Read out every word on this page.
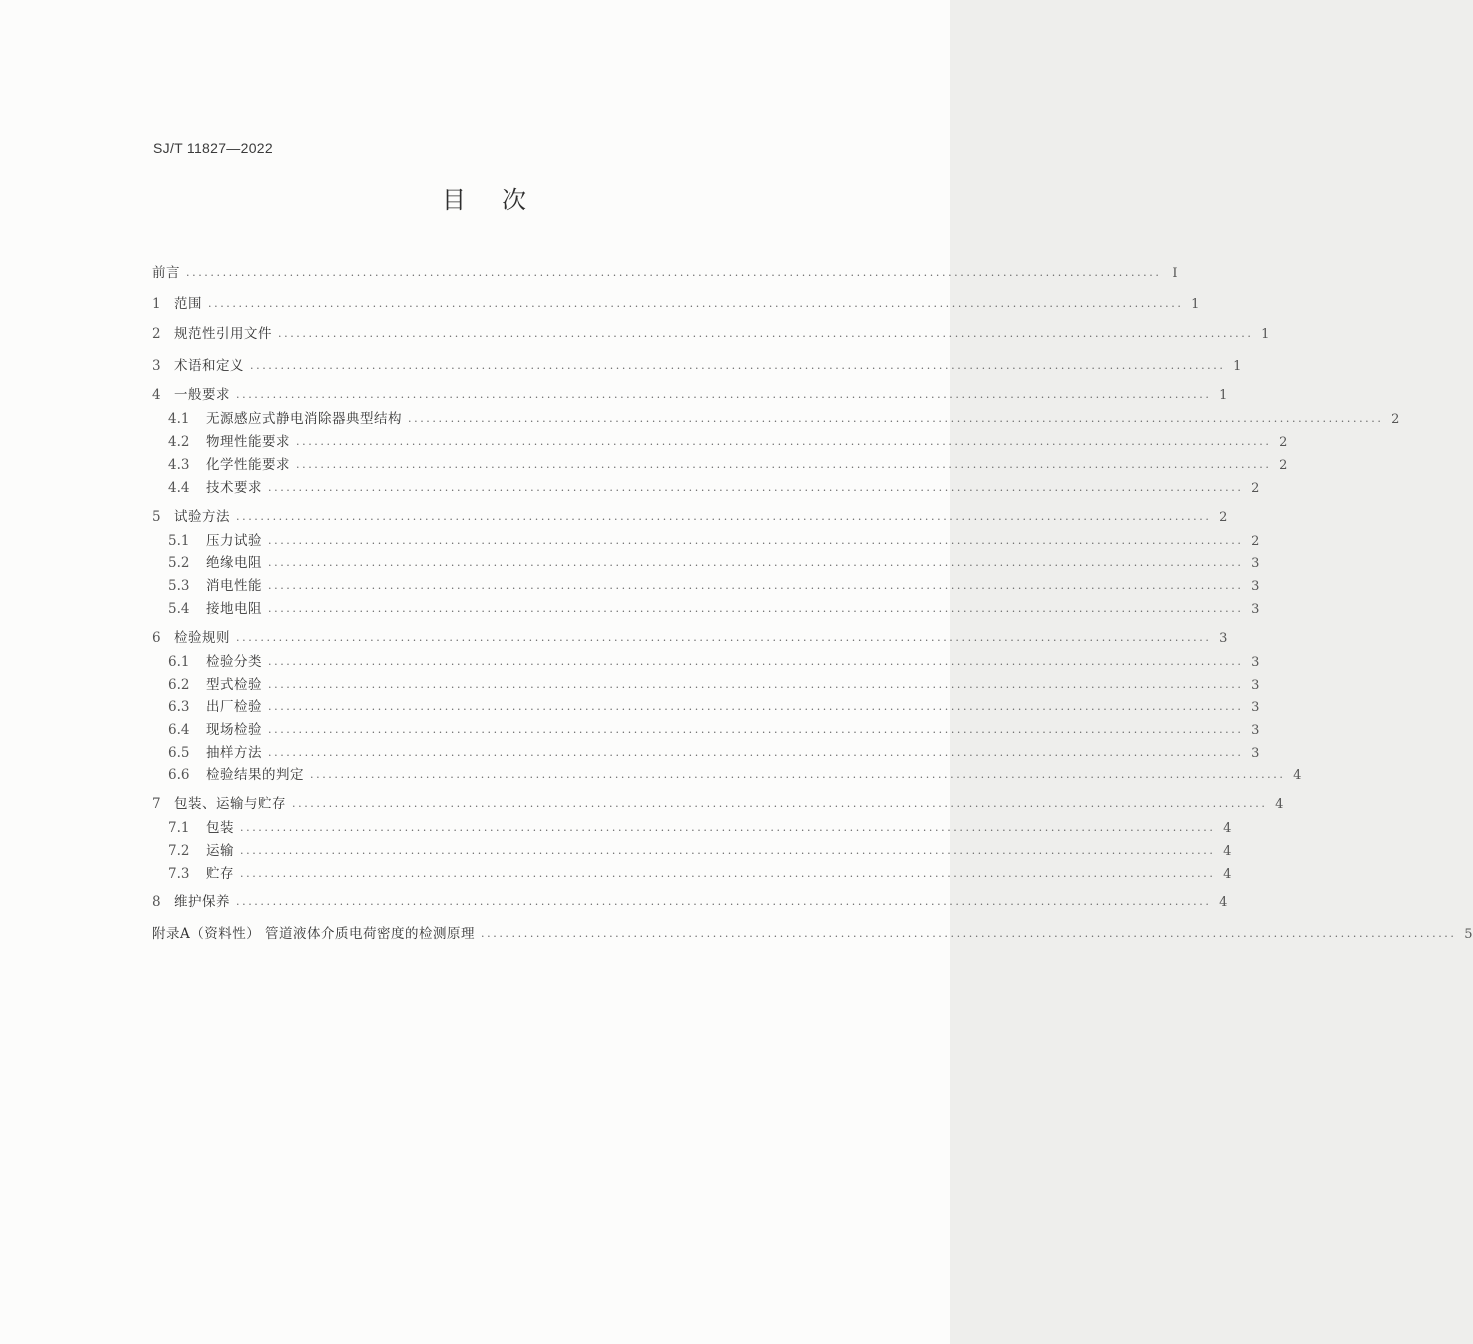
SJ/T 11827—2022
目次
前言 ................................................................................................................................................................ I
1 范围 ................................................................................................................................................................ 1
2 规范性引用文件 ................................................................................................................................................................ 1
3 术语和定义 ................................................................................................................................................................ 1
4 一般要求 ................................................................................................................................................................ 1
4.1	无源感应式静电消除器典型结构 ................................................................................................................................................................ 2
4.2	物理性能要求 ................................................................................................................................................................ 2
4.3	化学性能要求 ................................................................................................................................................................ 2
4.4	技术要求 ................................................................................................................................................................ 2
5 试验方法 ................................................................................................................................................................ 2
5.1	压力试验 ................................................................................................................................................................ 2
5.2	绝缘电阻 ................................................................................................................................................................ 3
5.3	消电性能 ................................................................................................................................................................ 3
5.4	接地电阻 ................................................................................................................................................................ 3
6 检验规则 ................................................................................................................................................................ 3
6.1	检验分类 ................................................................................................................................................................ 3
6.2	型式检验 ................................................................................................................................................................ 3
6.3	出厂检验 ................................................................................................................................................................ 3
6.4	现场检验 ................................................................................................................................................................ 3
6.5	抽样方法 ................................................................................................................................................................ 3
6.6	检验结果的判定 ................................................................................................................................................................ 4
7 包装、运输与贮存 ................................................................................................................................................................ 4
7.1	包装 ................................................................................................................................................................ 4
7.2	运输 ................................................................................................................................................................ 4
7.3	贮存 ................................................................................................................................................................ 4
8 维护保养 ................................................................................................................................................................ 4
附录A（资料性） 管道液体介质电荷密度的检测原理 ................................................................................................................................................................ 5
